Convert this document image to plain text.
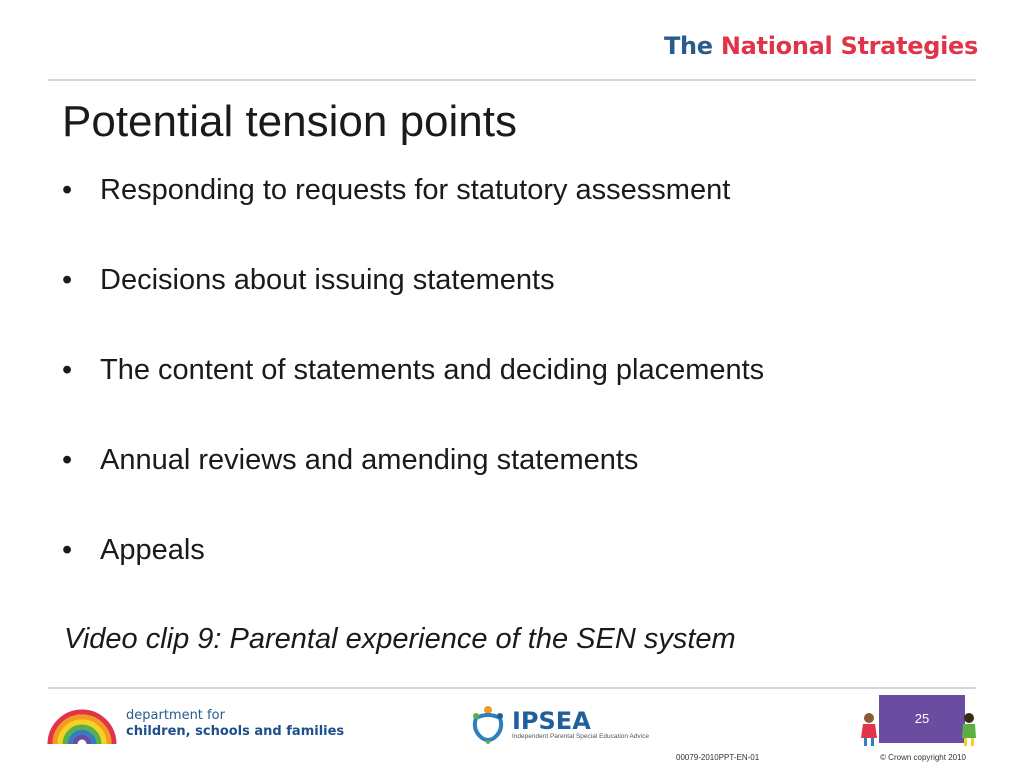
The National Strategies
Potential tension points
• Responding to requests for statutory assessment
• Decisions about issuing statements
• The content of statements and deciding placements
• Annual reviews and amending statements
• Appeals
Video clip 9: Parental experience of the SEN system
department for
children, schools and families	IPSEA
Independent Parental Special Education Advice
25
00079-2010PPT-EN-01	© Crown copyright 2010
